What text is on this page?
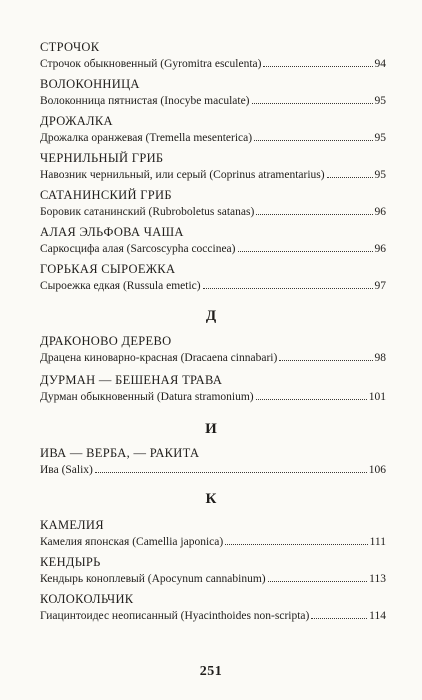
СТРОЧОК
Строчок обыкновенный (Gyromitra esculenta)	94
ВОЛОКОННИЦА
Волоконница пятнистая (Inocybe maculate)	95
ДРОЖАЛКА
Дрожалка оранжевая (Tremella mesenterica)	95
ЧЕРНИЛЬНЫЙ ГРИБ
Навозник чернильный, или серый (Coprinus atramentarius)	95
САТАНИНСКИЙ ГРИБ
Боровик сатанинский (Rubroboletus satanas)	96
АЛАЯ ЭЛЬФОВА ЧАША
Саркосцифа алая (Sarcoscypha coccinea)	96
ГОРЬКАЯ СЫРОЕЖКА
Сыроежка едкая (Russula emetic)	97
Д
ДРАКОНОВО ДЕРЕВО
Драцена киноварно-красная (Dracaena cinnabari)	98
ДУРМАН — БЕШЕНАЯ ТРАВА
Дурман обыкновенный (Datura stramonium)	101
И
ИВА — ВЕРБА, — РАКИТА
Ива (Salix)	106
К
КАМЕЛИЯ
Камелия японская (Camellia japonica)	111
КЕНДЫРЬ
Кендырь коноплевый (Apocynum cannabinum)	113
КОЛОКОЛЬЧИК
Гиацинтоидес неописанный (Hyacinthoides non-scripta)	114
251
